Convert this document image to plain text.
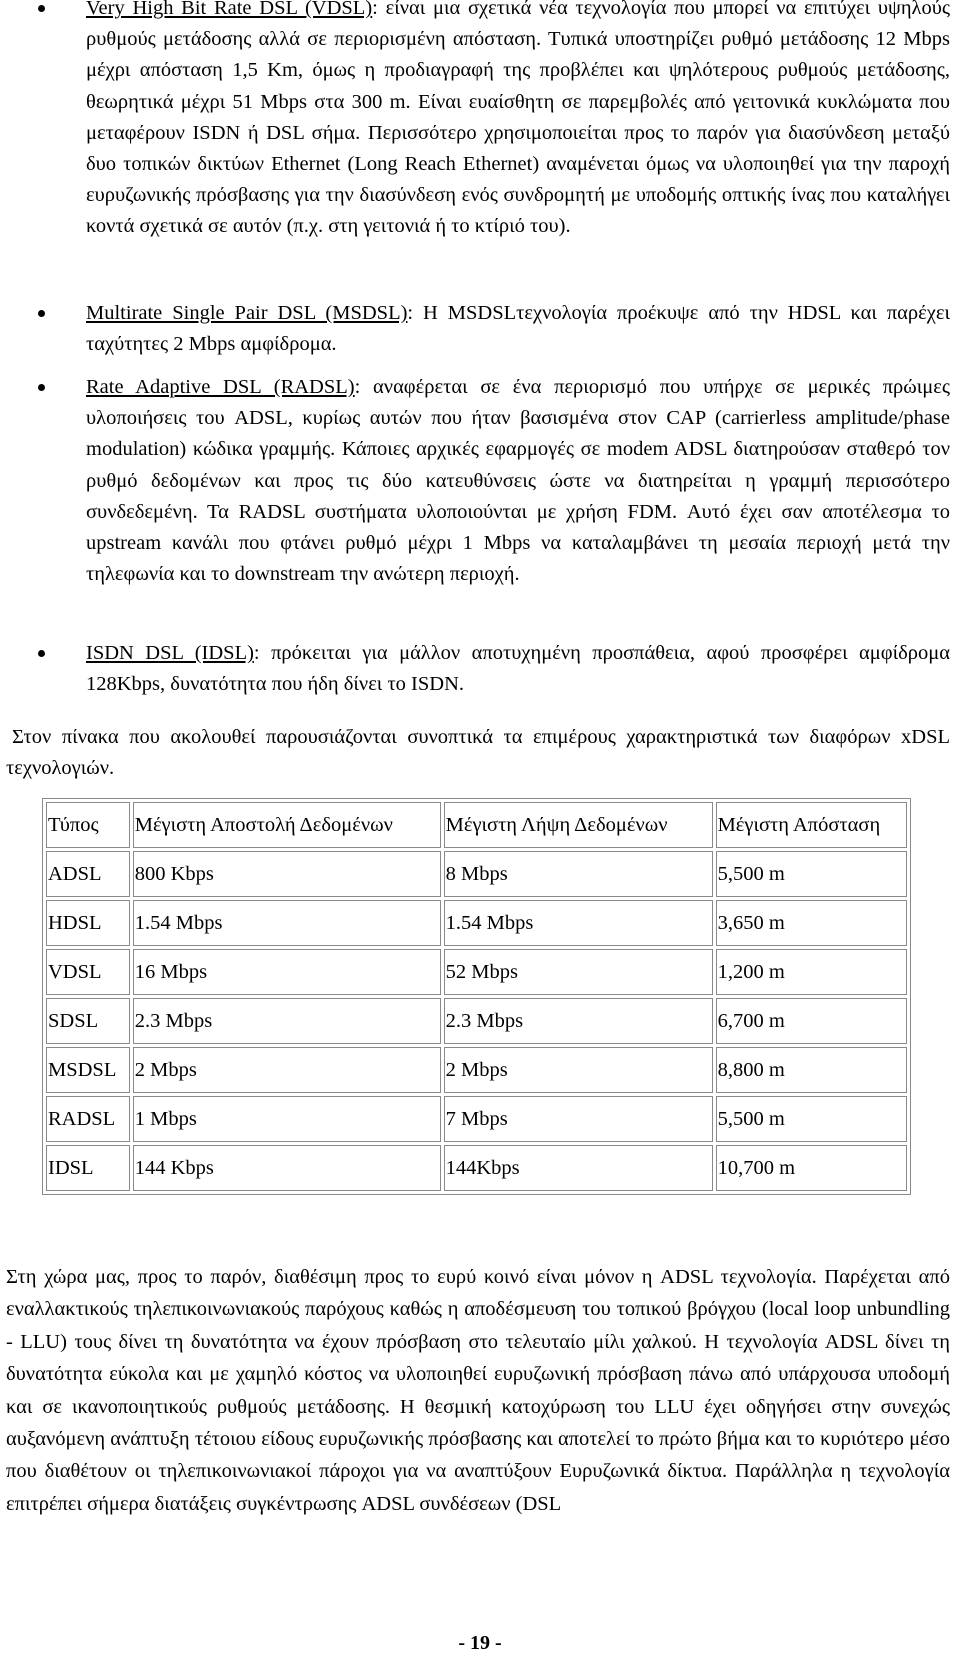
Very High Bit Rate DSL (VDSL): είναι μια σχετικά νέα τεχνολογία που μπορεί να επιτύχει υψηλούς ρυθμούς μετάδοσης αλλά σε περιορισμένη απόσταση. Τυπικά υποστηρίζει ρυθμό μετάδοσης 12 Mbps μέχρι απόσταση 1,5 Km, όμως η προδιαγραφή της προβλέπει και ψηλότερους ρυθμούς μετάδοσης, θεωρητικά μέχρι 51 Mbps στα 300 m. Είναι ευαίσθητη σε παρεμβολές από γειτονικά κυκλώματα που μεταφέρουν ISDN ή DSL σήμα. Περισσότερο χρησιμοποιείται προς το παρόν για διασύνδεση μεταξύ δυο τοπικών δικτύων Ethernet (Long Reach Ethernet) αναμένεται όμως να υλοποιηθεί για την παροχή ευρυζωνικής πρόσβασης για την διασύνδεση ενός συνδρομητή με υποδομής οπτικής ίνας που καταλήγει κοντά σχετικά σε αυτόν (π.χ. στη γειτονιά ή το κτίριό του).
Multirate Single Pair DSL (MSDSL): Η MSDSLτεχνολογία προέκυψε από την HDSL και παρέχει ταχύτητες 2 Mbps αμφίδρομα.
Rate Adaptive DSL (RADSL): αναφέρεται σε ένα περιορισμό που υπήρχε σε μερικές πρώιμες υλοποιήσεις του ADSL, κυρίως αυτών που ήταν βασισμένα στον CAP (carrierless amplitude/phase modulation) κώδικα γραμμής. Κάποιες αρχικές εφαρμογές σε modem ADSL διατηρούσαν σταθερό τον ρυθμό δεδομένων και προς τις δύο κατευθύνσεις ώστε να διατηρείται η γραμμή περισσότερο συνδεδεμένη. Τα RADSL συστήματα υλοποιούνται με χρήση FDM. Αυτό έχει σαν αποτέλεσμα το upstream κανάλι που φτάνει ρυθμό μέχρι 1 Mbps να καταλαμβάνει τη μεσαία περιοχή μετά την τηλεφωνία και το downstream την ανώτερη περιοχή.
ISDN DSL (IDSL): πρόκειται για μάλλον αποτυχημένη προσπάθεια, αφού προσφέρει αμφίδρομα 128Kbps, δυνατότητα που ήδη δίνει το ISDN.
Στον πίνακα που ακολουθεί παρουσιάζονται συνοπτικά τα επιμέρους χαρακτηριστικά των διαφόρων xDSL τεχνολογιών.
Τύπος	Μέγιστη Αποστολή Δεδομένων	Μέγιστη Λήψη Δεδομένων	Μέγιστη Απόσταση
ADSL	800 Kbps	8 Mbps	5,500 m
HDSL	1.54 Mbps	1.54 Mbps	3,650 m
VDSL	16 Mbps	52 Mbps	1,200 m
SDSL	2.3 Mbps	2.3 Mbps	6,700 m
MSDSL	2 Mbps	2 Mbps	8,800 m
RADSL	1 Mbps	7 Mbps	5,500 m
IDSL	144 Kbps	144Kbps	10,700 m
Στη χώρα μας, προς το παρόν, διαθέσιμη προς το ευρύ κοινό είναι μόνον η ADSL τεχνολογία. Παρέχεται από εναλλακτικούς τηλεπικοινωνιακούς παρόχους καθώς η αποδέσμευση του τοπικού βρόγχου (local loop unbundling - LLU) τους δίνει τη δυνατότητα να έχουν πρόσβαση στο τελευταίο μίλι χαλκού. Η τεχνολογία ADSL δίνει τη δυνατότητα εύκολα και με χαμηλό κόστος να υλοποιηθεί ευρυζωνική πρόσβαση πάνω από υπάρχουσα υποδομή και σε ικανοποιητικούς ρυθμούς μετάδοσης. Η θεσμική κατοχύρωση του LLU έχει οδηγήσει στην συνεχώς αυξανόμενη ανάπτυξη τέτοιου είδους ευρυζωνικής πρόσβασης και αποτελεί το πρώτο βήμα και το κυριότερο μέσο που διαθέτουν οι τηλεπικοινωνιακοί πάροχοι για να αναπτύξουν Ευρυζωνικά δίκτυα. Παράλληλα η τεχνολογία επιτρέπει σήμερα διατάξεις συγκέντρωσης ADSL συνδέσεων (DSL
- 19 -
